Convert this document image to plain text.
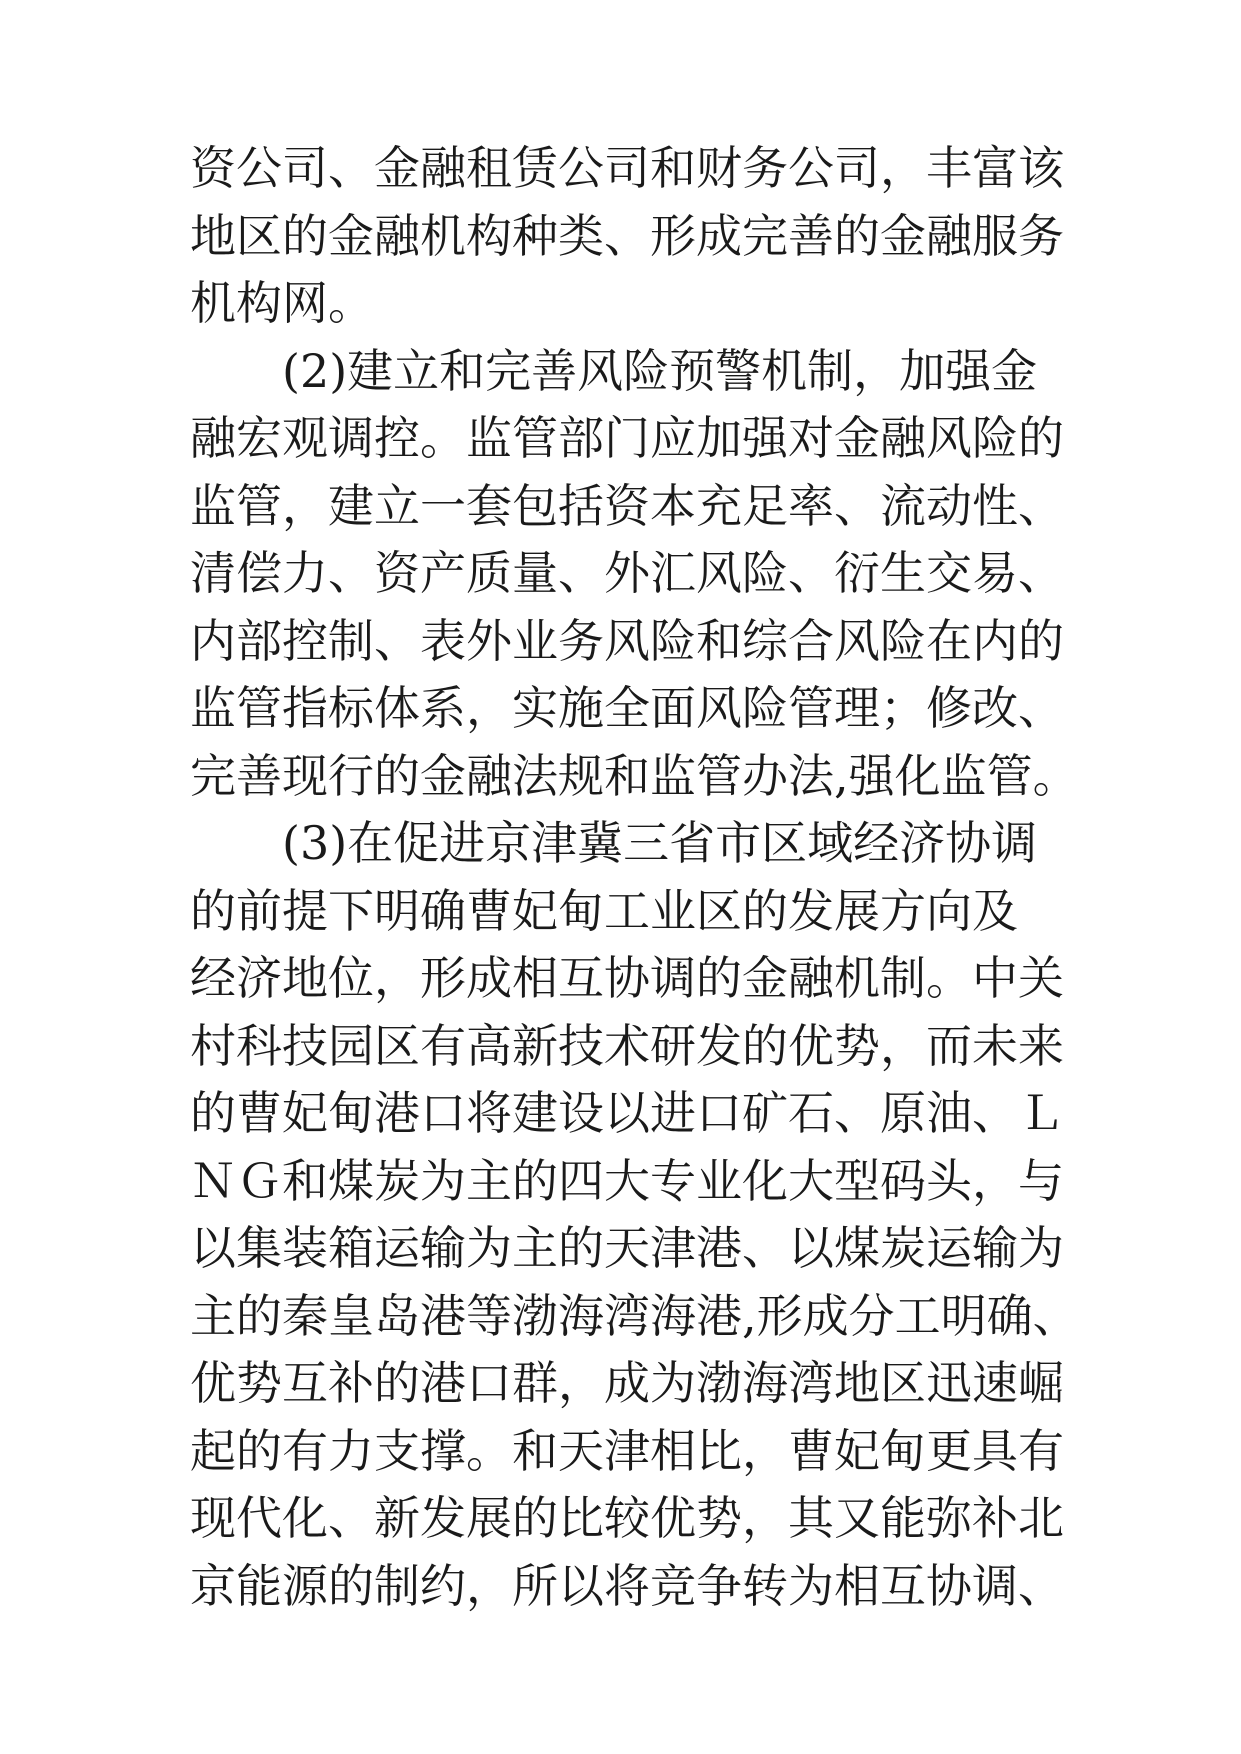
资公司、金融租赁公司和财务公司，丰富该
地区的金融机构种类、形成完善的金融服务
机构网。
(2)建立和完善风险预警机制，加强金
融宏观调控。监管部门应加强对金融风险的
监管，建立一套包括资本充足率、流动性、
清偿力、资产质量、外汇风险、衍生交易、
内部控制、表外业务风险和综合风险在内的
监管指标体系，实施全面风险管理；修改、
完善现行的金融法规和监管办法,强化监管。
(3)在促进京津冀三省市区域经济协调
的前提下明确曹妃甸工业区的发展方向及
经济地位，形成相互协调的金融机制。中关
村科技园区有高新技术研发的优势，而未来
的曹妃甸港口将建设以进口矿石、原油、Ｌ
ＮＧ和煤炭为主的四大专业化大型码头，与
以集装箱运输为主的天津港、以煤炭运输为
主的秦皇岛港等渤海湾海港,形成分工明确、
优势互补的港口群，成为渤海湾地区迅速崛
起的有力支撑。和天津相比，曹妃甸更具有
现代化、新发展的比较优势，其又能弥补北
京能源的制约，所以将竞争转为相互协调、
